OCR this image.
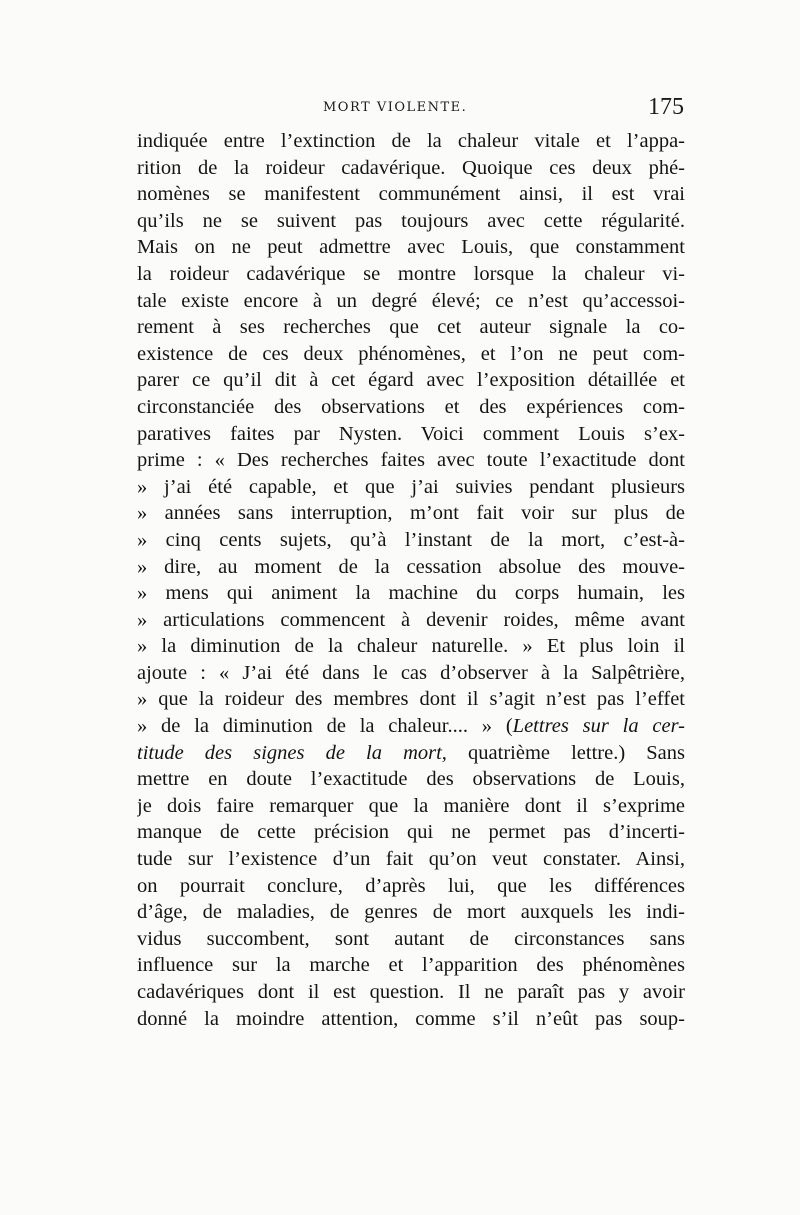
MORT VIOLENTE.	175
indiquée entre l’extinction de la chaleur vitale et l’appa-
rition de la roideur cadavérique. Quoique ces deux phé-
nomènes se manifestent communément ainsi, il est vrai
qu’ils ne se suivent pas toujours avec cette régularité.
Mais on ne peut admettre avec Louis, que constamment
la roideur cadavérique se montre lorsque la chaleur vi-
tale existe encore à un degré élevé; ce n’est qu’accessoi-
rement à ses recherches que cet auteur signale la co-
existence de ces deux phénomènes, et l’on ne peut com-
parer ce qu’il dit à cet égard avec l’exposition détaillée et
circonstanciée des observations et des expériences com-
paratives faites par Nysten. Voici comment Louis s’ex-
prime : « Des recherches faites avec toute l’exactitude dont
» j’ai été capable, et que j’ai suivies pendant plusieurs
» années sans interruption, m’ont fait voir sur plus de
» cinq cents sujets, qu’à l’instant de la mort, c’est-à-
» dire, au moment de la cessation absolue des mouve-
» mens qui animent la machine du corps humain, les
» articulations commencent à devenir roides, même avant
» la diminution de la chaleur naturelle. » Et plus loin il
ajoute : « J’ai été dans le cas d’observer à la Salpêtrière,
» que la roideur des membres dont il s’agit n’est pas l’effet
» de la diminution de la chaleur.... » (Lettres sur la cer-
titude des signes de la mort, quatrième lettre.) Sans
mettre en doute l’exactitude des observations de Louis,
je dois faire remarquer que la manière dont il s’exprime
manque de cette précision qui ne permet pas d’incerti-
tude sur l’existence d’un fait qu’on veut constater. Ainsi,
on pourrait conclure, d’après lui, que les différences
d’âge, de maladies, de genres de mort auxquels les indi-
vidus succombent, sont autant de circonstances sans
influence sur la marche et l’apparition des phénomènes
cadavériques dont il est question. Il ne paraît pas y avoir
donné la moindre attention, comme s’il n’eût pas soup-
